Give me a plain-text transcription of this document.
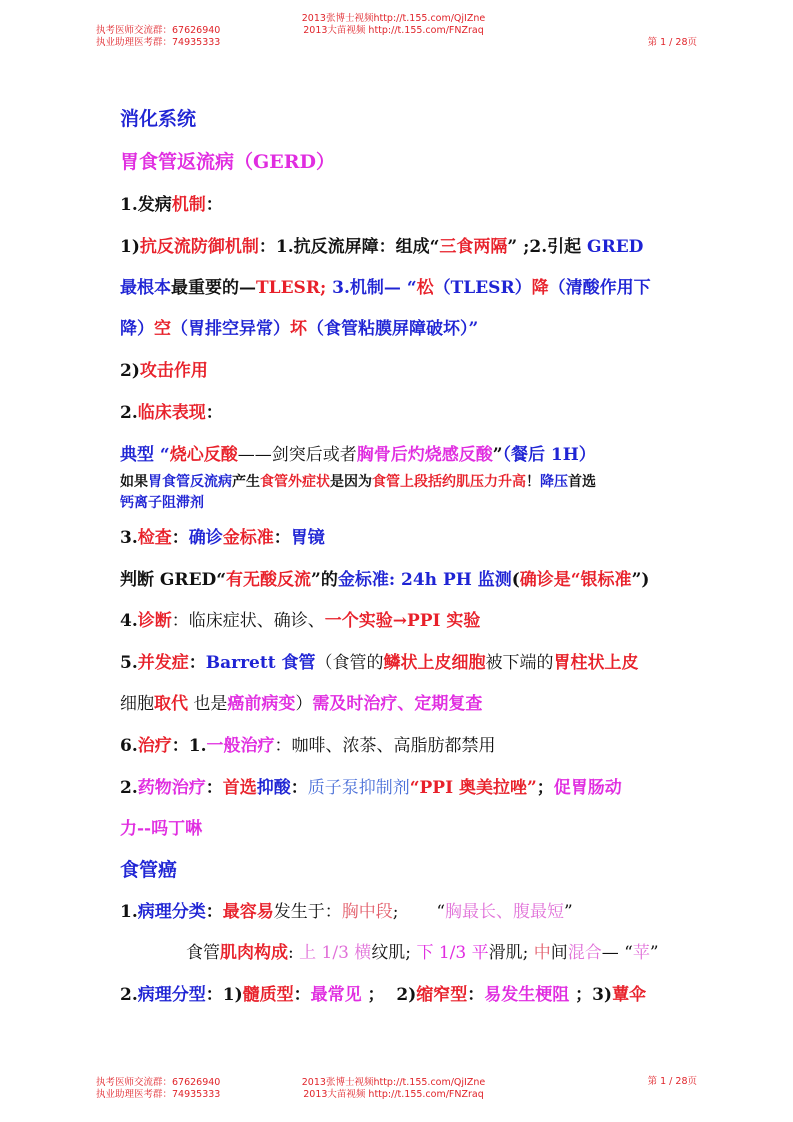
执考医师交流群：67626940
执业助理医考群：74935333
2013张博士视频http://t.155.com/QjIZne
2013大苗视频 http://t.155.com/FNZraq
第 1 / 28页
消化系统
胃食管返流病（GERD）
1.发病机制：
1)抗反流防御机制：1.抗反流屏障：组成“三食两隔” ;2.引起 GRED
最根本最重要的—TLESR; 3.机制— “松（TLESR）降（清酸作用下
降）空（胃排空异常）坏（食管粘膜屏障破坏）”
2)攻击作用
2.临床表现：
典型 “烧心反酸——剑突后或者胸骨后灼烧感反酸”（餐后 1H）
如果胃食管反流病产生食管外症状是因为食管上段括约肌压力升高！降压首选
钙离子阻滞剂
3.检查：确诊金标准：胃镜
判断 GRED“有无酸反流”的金标准: 24h PH 监测(确诊是“银标准”)
4.诊断：临床症状、确诊、一个实验→PPI 实验
5.并发症：Barrett 食管（食管的鳞状上皮细胞被下端的胃柱状上皮
细胞取代 也是癌前病变）需及时治疗、定期复查
6.治疗：1.一般治疗：咖啡、浓茶、高脂肪都禁用
2.药物治疗：首选抑酸：质子泵抑制剂“PPI 奥美拉唑”；促胃肠动
力--吗丁啉
食管癌
1.病理分类：最容易发生于：胸中段;       “胸最长、腹最短”
食管肌肉构成: 上 1/3 横纹肌; 下 1/3 平滑肌; 中间混合— “苹”
2.病理分型：1)髓质型：最常见 ；  2)缩窄型：易发生梗阻 ；3)蕈伞
执考医师交流群：67626940
执业助理医考群：74935333
2013张博士视频http://t.155.com/QjIZne
2013大苗视频 http://t.155.com/FNZraq
第 1 / 28页
